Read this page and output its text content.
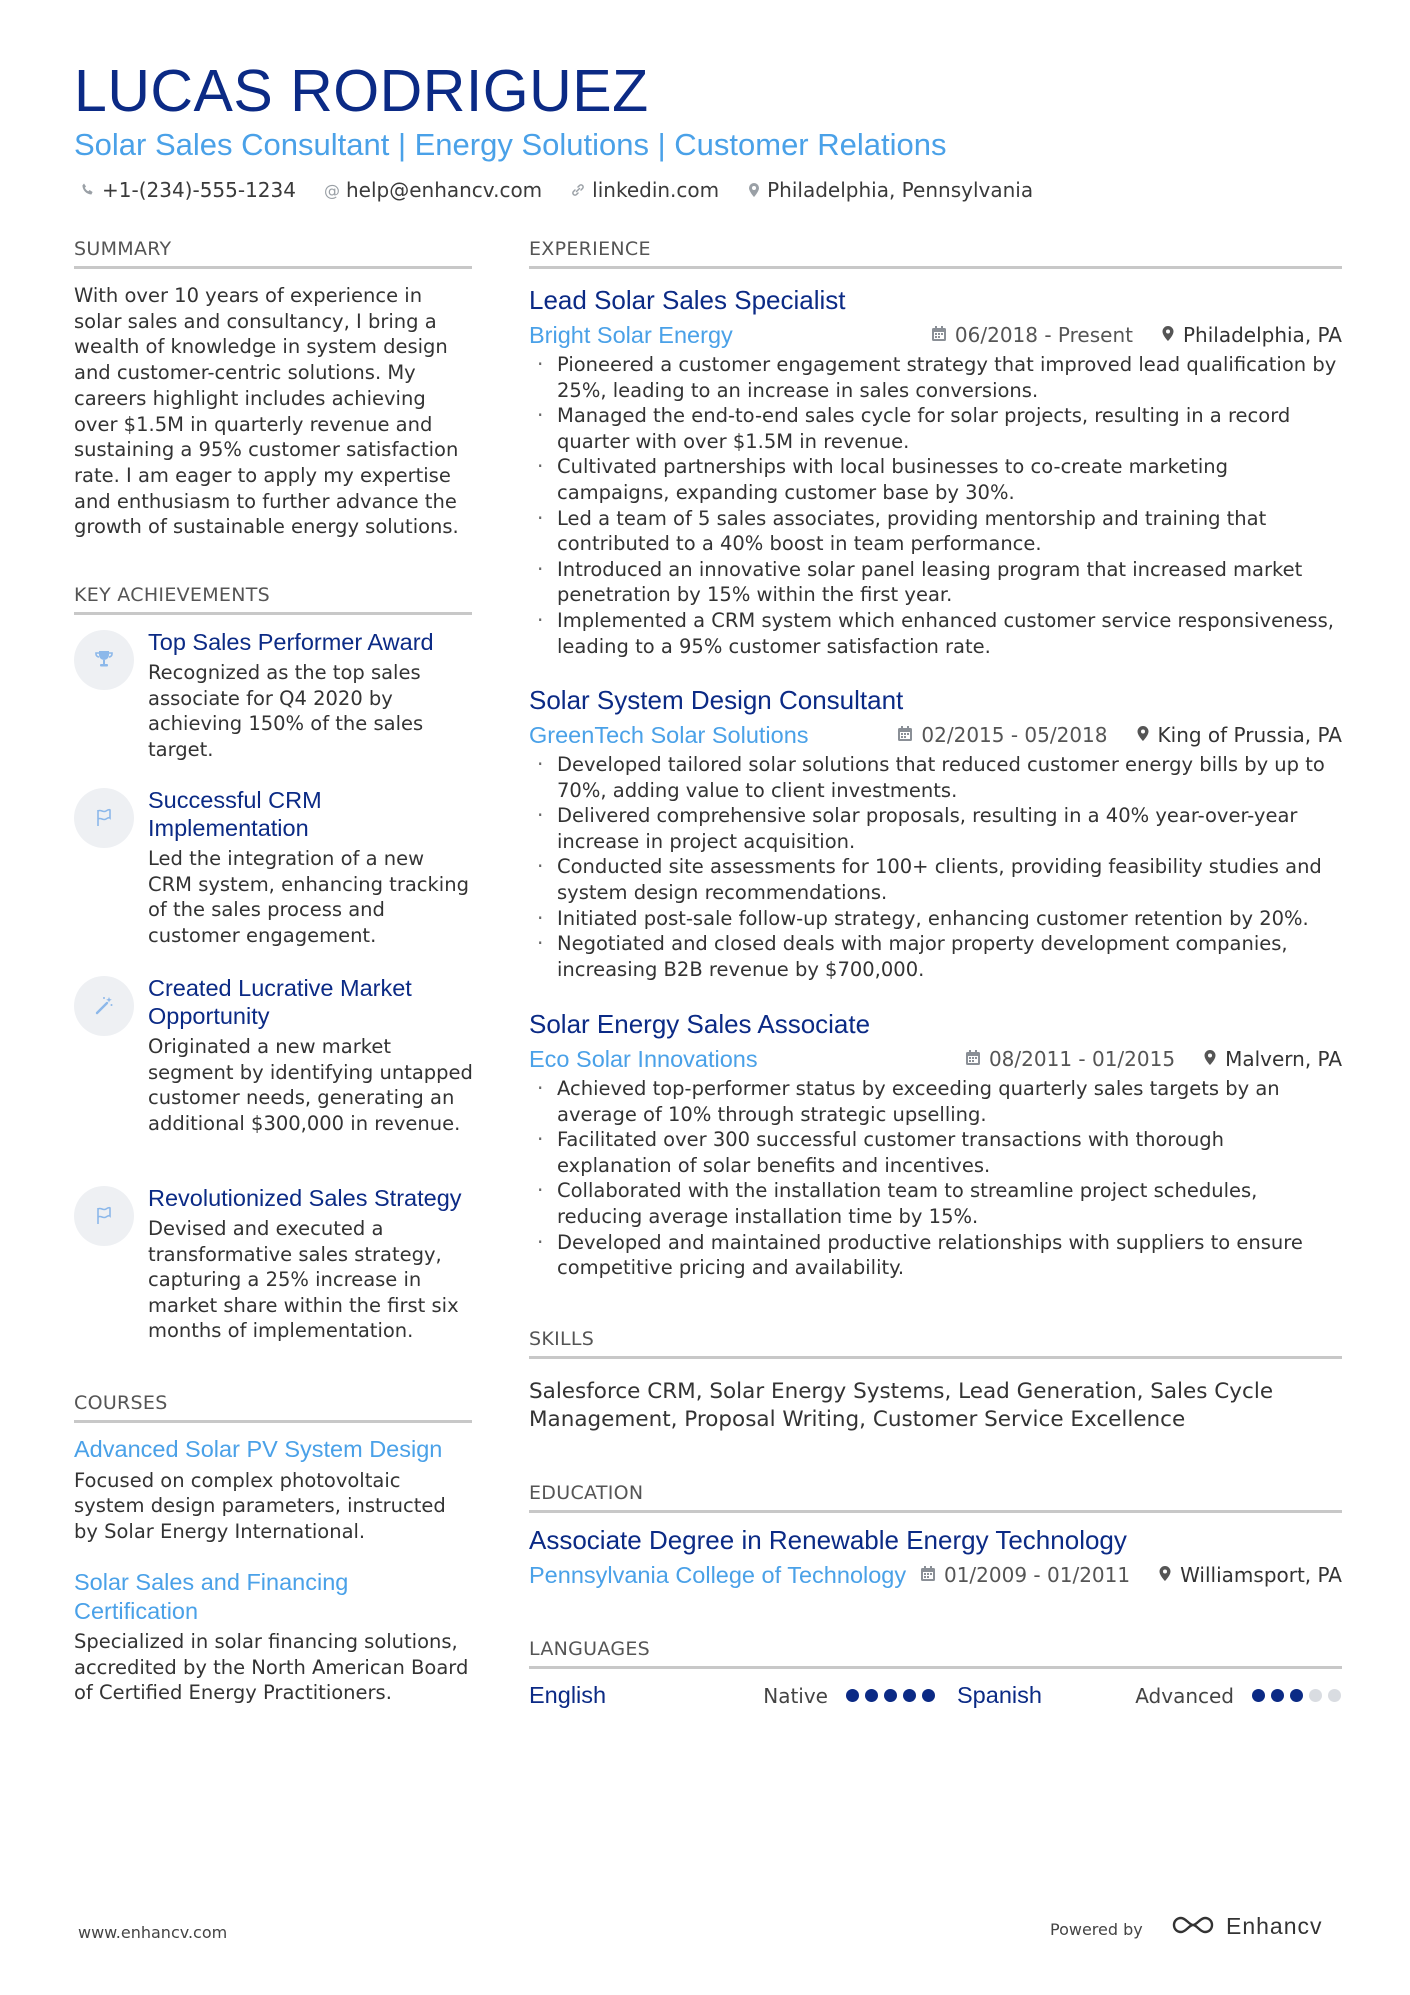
LUCAS RODRIGUEZ
Solar Sales Consultant | Energy Solutions | Customer Relations
+1-(234)-555-1234 @ help@enhancv.com	linkedin.com Philadelphia, Pennsylvania
SUMMARY
With over 10 years of experience in solar sales and consultancy, I bring a wealth of knowledge in system design and customer-centric solutions. My careers highlight includes achieving over $1.5M in quarterly revenue and sustaining a 95% customer satisfaction rate. I am eager to apply my expertise and enthusiasm to further advance the growth of sustainable energy solutions.
KEY ACHIEVEMENTS
Top Sales Performer Award
Recognized as the top sales associate for Q4 2020 by achieving 150% of the sales target.
Successful CRM Implementation
Led the integration of a new CRM system, enhancing tracking of the sales process and customer engagement.
Created Lucrative Market Opportunity
Originated a new market segment by identifying untapped customer needs, generating an additional $300,000 in revenue.
Revolutionized Sales Strategy
Devised and executed a transformative sales strategy, capturing a 25% increase in market share within the first six months of implementation.
COURSES
Advanced Solar PV System Design
Focused on complex photovoltaic system design parameters, instructed by Solar Energy International.
Solar Sales and Financing Certification
Specialized in solar financing solutions, accredited by the North American Board of Certified Energy Practitioners.
EXPERIENCE
Lead Solar Sales Specialist
Bright Solar Energy	06/2018 - Present	Philadelphia, PA
· Pioneered a customer engagement strategy that improved lead qualification by 25%, leading to an increase in sales conversions.
· Managed the end-to-end sales cycle for solar projects, resulting in a record quarter with over $1.5M in revenue.
· Cultivated partnerships with local businesses to co-create marketing campaigns, expanding customer base by 30%.
· Led a team of 5 sales associates, providing mentorship and training that contributed to a 40% boost in team performance.
· Introduced an innovative solar panel leasing program that increased market penetration by 15% within the first year.
· Implemented a CRM system which enhanced customer service responsiveness, leading to a 95% customer satisfaction rate.
Solar System Design Consultant
GreenTech Solar Solutions	02/2015 - 05/2018	King of Prussia, PA
· Developed tailored solar solutions that reduced customer energy bills by up to 70%, adding value to client investments.
· Delivered comprehensive solar proposals, resulting in a 40% year-over-year increase in project acquisition.
· Conducted site assessments for 100+ clients, providing feasibility studies and system design recommendations.
· Initiated post-sale follow-up strategy, enhancing customer retention by 20%.
· Negotiated and closed deals with major property development companies, increasing B2B revenue by $700,000.
Solar Energy Sales Associate
Eco Solar Innovations	08/2011 - 01/2015	Malvern, PA
· Achieved top-performer status by exceeding quarterly sales targets by an average of 10% through strategic upselling.
· Facilitated over 300 successful customer transactions with thorough explanation of solar benefits and incentives.
· Collaborated with the installation team to streamline project schedules, reducing average installation time by 15%.
· Developed and maintained productive relationships with suppliers to ensure competitive pricing and availability.
SKILLS
Salesforce CRM, Solar Energy Systems, Lead Generation, Sales Cycle Management, Proposal Writing, Customer Service Excellence
EDUCATION
Associate Degree in Renewable Energy Technology
Pennsylvania College of Technology	01/2009 - 01/2011	Williamsport, PA
LANGUAGES
English	Native	Spanish	Advanced
www.enhancv.com	Powered by	Enhancv
